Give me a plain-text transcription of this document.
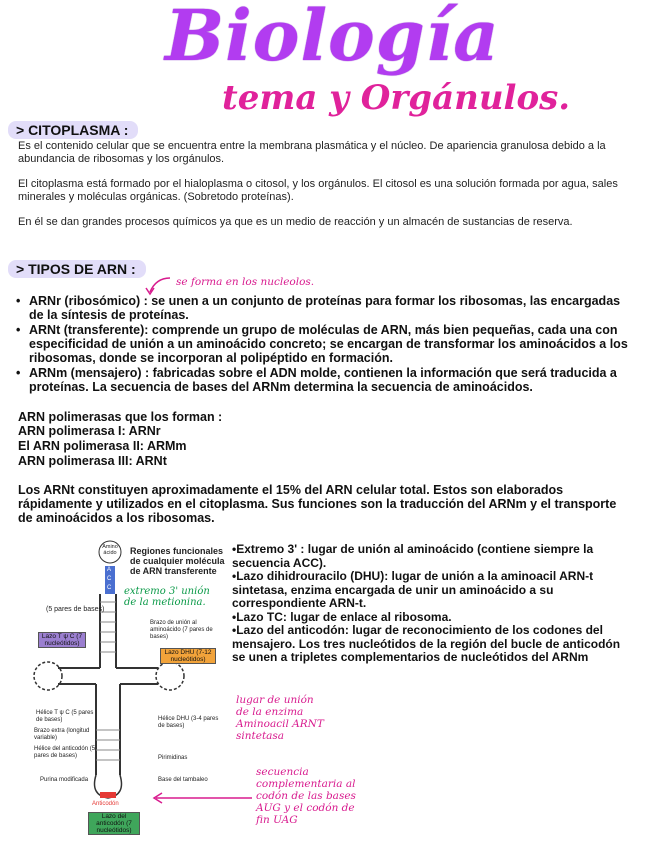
Biología
tema y Orgánulos.
> CITOPLASMA :
Es el contenido celular que se encuentra entre la membrana plasmática y el núcleo. De apariencia granulosa debido a la abundancia de ribosomas y los orgánulos.
El citoplasma está formado por el hialoplasma o citosol, y los orgánulos. El citosol es una solución formada por agua, sales minerales y moléculas orgánicas. (Sobretodo proteínas).
En él se dan grandes procesos químicos ya que es un medio de reacción y un almacén de sustancias de reserva.
> TIPOS DE ARN :
se forma en los nucleolos.
• ARNr (ribosómico) : se unen a un conjunto de proteínas para formar los ribosomas, las encargadas de la síntesis de proteínas.
• ARNt (transferente): comprende un grupo de moléculas de ARN, más bien pequeñas, cada una con especificidad de unión a un aminoácido concreto; se encargan de transformar los aminoácidos a los ribosomas, donde se incorporan al polipéptido en formación.
• ARNm (mensajero) : fabricadas sobre el ADN molde, contienen la información que será traducida a proteínas. La secuencia de bases del ARNm determina la secuencia de aminoácidos.
ARN polimerasas que los forman :
ARN polimerasa I: ARNr
El ARN polimerasa II: ARMm
ARN polimerasa III: ARNt
Los ARNt constituyen aproximadamente el 15% del ARN celular total. Estos son elaborados rápidamente y utilizados en el citoplasma. Sus funciones son la traducción del ARNm y el transporte de aminoácidos a los ribosomas.
Amino ácido
A
C
C
Regiones funcionales de cualquier molécula de ARN transferente
(5 pares de bases)
Brazo de unión al aminoácido (7 pares de bases)
Lazo T ψ C (7 nucleótidos)
Lazo DHU (7-12 nucleótidos)
Hélice T ψ C (5 pares de bases)
Brazo extra (longitud variable)
Hélice del anticodón (5 pares de bases)
Hélice DHU (3-4 pares de bases)
Pirimidinas
Purina modificada	Base del tambaleo
Anticodón
Lazo del anticodón (7 nucleótidos)
extremo 3' unión de la metionina.
•Extremo 3' : lugar de unión al aminoácido (contiene siempre la secuencia ACC).
•Lazo dihidrouracilo (DHU): lugar de unión a la aminoacil ARN-t sintetasa, enzima encargada de unir un aminoácido a su correspondiente ARN-t.
•Lazo TC: lugar de enlace al ribosoma.
•Lazo del anticodón: lugar de reconocimiento de los codones del mensajero. Los tres nucleótidos de la región del bucle de anticodón se unen a tripletes complementarios de nucleótidos del ARNm
lugar de unión de la enzima Aminoacil ARNT sintetasa
secuencia complementaria al codón de las bases AUG y el codón de fin UAG
